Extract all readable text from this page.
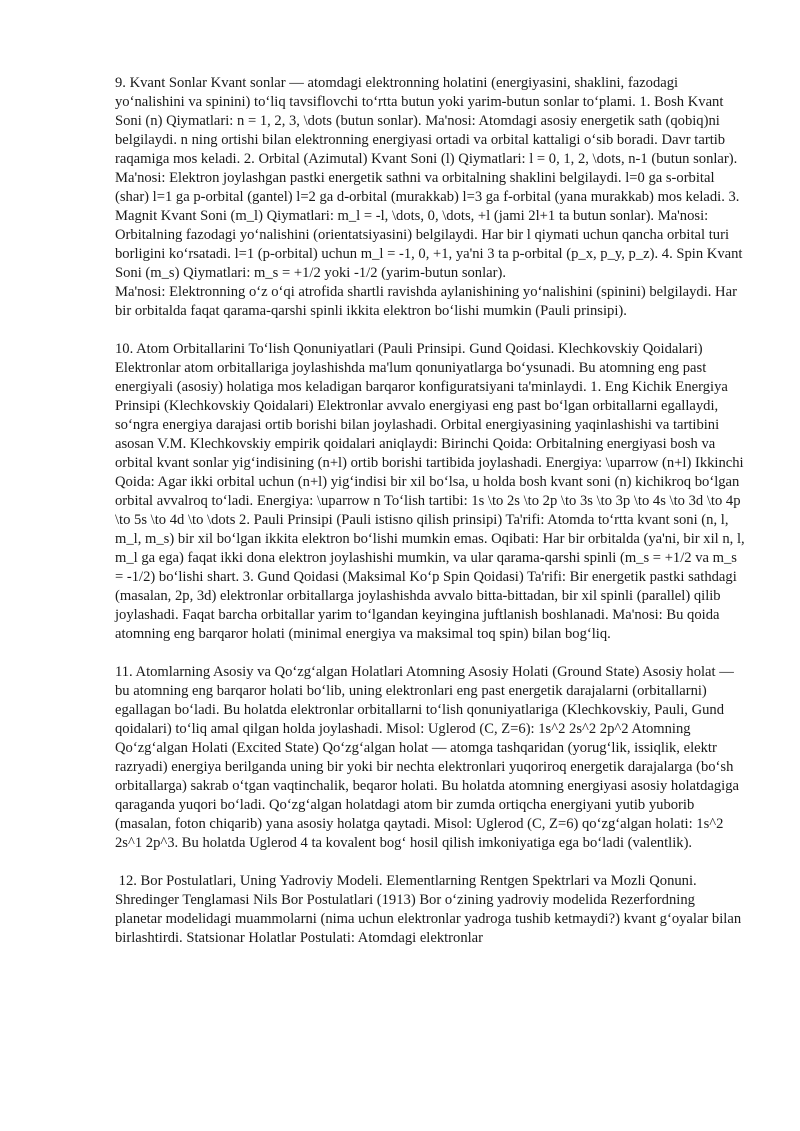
9. Kvant Sonlar Kvant sonlar — atomdagi elektronning holatini (energiyasini, shaklini, fazodagi yoʻnalishini va spinini) toʻliq tavsiflovchi toʻrtta butun yoki yarim-butun sonlar toʻplami. 1. Bosh Kvant Soni (n) Qiymatlari: n = 1, 2, 3, \dots (butun sonlar). Ma'nosi: Atomdagi asosiy energetik sath (qobiq)ni belgilaydi. n ning ortishi bilan elektronning energiyasi ortadi va orbital kattaligi oʻsib boradi. Davr tartib raqamiga mos keladi. 2. Orbital (Azimutal) Kvant Soni (l) Qiymatlari: l = 0, 1, 2, \dots, n-1 (butun sonlar). Ma'nosi: Elektron joylashgan pastki energetik sathni va orbitalning shaklini belgilaydi. l=0 ga s-orbital (shar) l=1 ga p-orbital (gantel) l=2 ga d-orbital (murakkab) l=3 ga f-orbital (yana murakkab) mos keladi. 3. Magnit Kvant Soni (m_l) Qiymatlari: m_l = -l, \dots, 0, \dots, +l (jami 2l+1 ta butun sonlar). Ma'nosi: Orbitalning fazodagi yoʻnalishini (orientatsiyasini) belgilaydi. Har bir l qiymati uchun qancha orbital turi borligini koʻrsatadi. l=1 (p-orbital) uchun m_l = -1, 0, +1, ya'ni 3 ta p-orbital (p_x, p_y, p_z). 4. Spin Kvant Soni (m_s) Qiymatlari: m_s = +1/2 yoki -1/2 (yarim-butun sonlar).
Ma'nosi: Elektronning oʻz oʻqi atrofida shartli ravishda aylanishining yoʻnalishini (spinini) belgilaydi. Har bir orbitalda faqat qarama-qarshi spinli ikkita elektron boʻlishi mumkin (Pauli prinsipi).

10. Atom Orbitallarini Toʻlish Qonuniyatlari (Pauli Prinsipi. Gund Qoidasi. Klechkovskiy Qoidalari) Elektronlar atom orbitallariga joylashishda ma'lum qonuniyatlarga boʻysunadi. Bu atomning eng past energiyali (asosiy) holatiga mos keladigan barqaror konfiguratsiyani ta'minlaydi. 1. Eng Kichik Energiya Prinsipi (Klechkovskiy Qoidalari) Elektronlar avvalo energiyasi eng past boʻlgan orbitallarni egallaydi, soʻngra energiya darajasi ortib borishi bilan joylashadi. Orbital energiyasining yaqinlashishi va tartibini asosan V.M. Klechkovskiy empirik qoidalari aniqlaydi: Birinchi Qoida: Orbitalning energiyasi bosh va orbital kvant sonlar yigʻindisining (n+l) ortib borishi tartibida joylashadi. Energiya: \uparrow (n+l) Ikkinchi Qoida: Agar ikki orbital uchun (n+l) yigʻindisi bir xil boʻlsa, u holda bosh kvant soni (n) kichikroq boʻlgan orbital avvalroq toʻladi. Energiya: \uparrow n Toʻlish tartibi: 1s \to 2s \to 2p \to 3s \to 3p \to 4s \to 3d \to 4p \to 5s \to 4d \to \dots 2. Pauli Prinsipi (Pauli istisno qilish prinsipi) Ta'rifi: Atomda toʻrtta kvant soni (n, l, m_l, m_s) bir xil boʻlgan ikkita elektron boʻlishi mumkin emas. Oqibati: Har bir orbitalda (ya'ni, bir xil n, l, m_l ga ega) faqat ikki dona elektron joylashishi mumkin, va ular qarama-qarshi spinli (m_s = +1/2 va m_s = -1/2) boʻlishi shart. 3. Gund Qoidasi (Maksimal Koʻp Spin Qoidasi) Ta'rifi: Bir energetik pastki sathdagi (masalan, 2p, 3d) elektronlar orbitallarga joylashishda avvalo bitta-bittadan, bir xil spinli (parallel) qilib joylashadi. Faqat barcha orbitallar yarim toʻlgandan keyingina juftlanish boshlanadi. Ma'nosi: Bu qoida atomning eng barqaror holati (minimal energiya va maksimal toq spin) bilan bogʻliq.

11. Atomlarning Asosiy va Qoʻzgʻalgan Holatlari Atomning Asosiy Holati (Ground State) Asosiy holat — bu atomning eng barqaror holati boʻlib, uning elektronlari eng past energetik darajalarni (orbitallarni) egallagan boʻladi. Bu holatda elektronlar orbitallarni toʻlish qonuniyatlariga (Klechkovskiy, Pauli, Gund qoidalari) toʻliq amal qilgan holda joylashadi. Misol: Uglerod (C, Z=6): 1s^2 2s^2 2p^2 Atomning Qoʻzgʻalgan Holati (Excited State) Qoʻzgʻalgan holat — atomga tashqaridan (yorugʻlik, issiqlik, elektr razryadi) energiya berilganda uning bir yoki bir nechta elektronlari yuqoriroq energetik darajalarga (boʻsh orbitallarga) sakrab oʻtgan vaqtinchalik, beqaror holati. Bu holatda atomning energiyasi asosiy holatdagiga qaraganda yuqori boʻladi. Qoʻzgʻalgan holatdagi atom bir zumda ortiqcha energiyani yutib yuborib (masalan, foton chiqarib) yana asosiy holatga qaytadi. Misol: Uglerod (C, Z=6) qoʻzgʻalgan holati: 1s^2 2s^1 2p^3. Bu holatda Uglerod 4 ta kovalent bogʻ hosil qilish imkoniyatiga ega boʻladi (valentlik).

12. Bor Postulatlari, Uning Yadroviy Modeli. Elementlarning Rentgen Spektrlari va Mozli Qonuni. Shredinger Tenglamasi Nils Bor Postulatlari (1913) Bor oʻzining yadroviy modelida Rezerfordning planetar modelidagi muammolarni (nima uchun elektronlar yadroga tushib ketmaydi?) kvant gʻoyalar bilan birlashtirdi. Statsionar Holatlar Postulati: Atomdagi elektronlar
